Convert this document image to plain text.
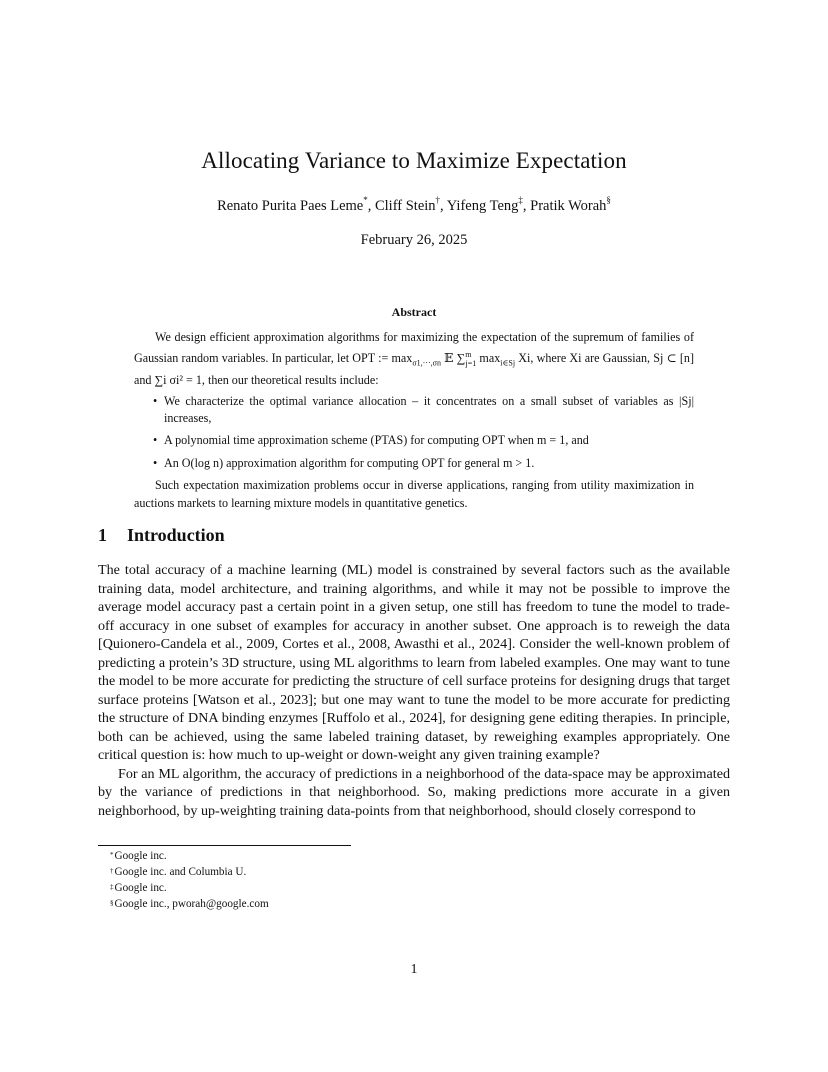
Allocating Variance to Maximize Expectation
Renato Purita Paes Leme*, Cliff Stein†, Yifeng Teng‡, Pratik Worah§
February 26, 2025
Abstract

We design efficient approximation algorithms for maximizing the expectation of the supremum of families of Gaussian random variables. In particular, let OPT := $\max_{\sigma 1,\cdot\cdot\cdot,\sigma n}$ 𝔼 ∑$^m_{j=1}$ $\max_{i\in Sj} Xi$, where Xi are Gaussian, Sj ⊂ [n] and ∑i σi² = 1, then our theoretical results include:

• We characterize the optimal variance allocation – it concentrates on a small subset of variables as |Sj| increases,
• A polynomial time approximation scheme (PTAS) for computing OPT when m = 1, and
• An O(log n) approximation algorithm for computing OPT for general m > 1.

Such expectation maximization problems occur in diverse applications, ranging from utility maximization in auctions markets to learning mixture models in quantitative genetics.

1 Introduction

The total accuracy of a machine learning (ML) model is constrained by several factors such as the available training data, model architecture, and training algorithms, and while it may not be possible to improve the average model accuracy past a certain point in a given setup, one still has freedom to tune the model to trade-off accuracy in one subset of examples for accuracy in another subset. One approach is to reweigh the data [Quionero-Candela et al., 2009, Cortes et al., 2008, Awasthi et al., 2024]. Consider the well-known problem of predicting a protein’s 3D structure, using ML algorithms to learn from labeled examples. One may want to tune the model to be more accurate for predicting the structure of cell surface proteins for designing drugs that target surface proteins [Watson et al., 2023]; but one may want to tune the model to be more accurate for predicting the structure of DNA binding enzymes [Ruffolo et al., 2024], for designing gene editing therapies. In principle, both can be achieved, using the same labeled training dataset, by reweighing examples appropriately. One critical question is: how much to up-weight or down-weight any given training example?

For an ML algorithm, the accuracy of predictions in a neighborhood of the data-space may be approximated by the variance of predictions in that neighborhood. So, making predictions more accurate in a given neighborhood, by up-weighting training data-points from that neighborhood, should closely correspond to

*Google inc.
†Google inc. and Columbia U.
‡Google inc.
§Google inc., pworah@google.com
1
